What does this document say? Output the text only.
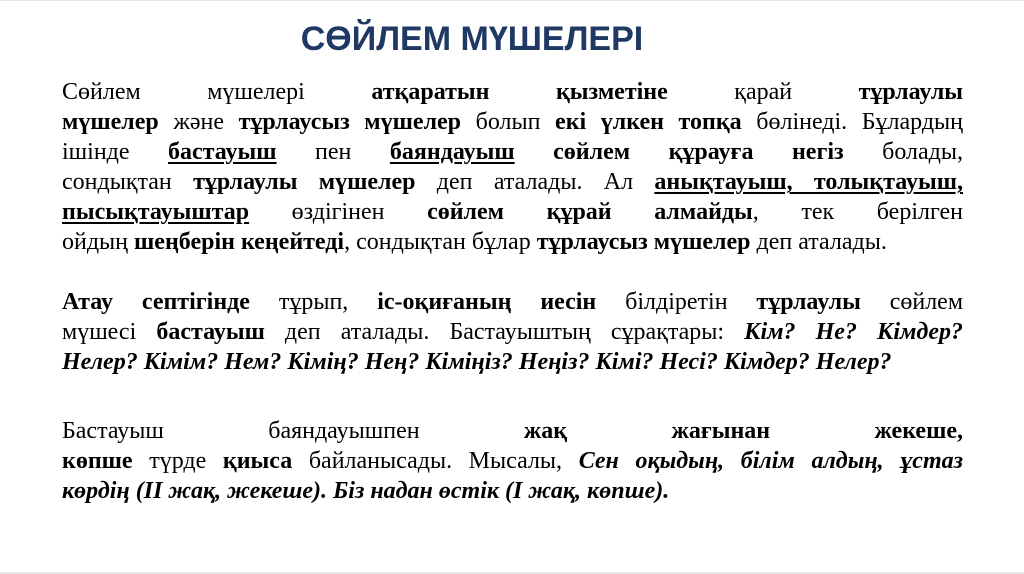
СӨЙЛЕМ МҮШЕЛЕРІ
Сөйлем мүшелері атқаратын қызметіне қарай тұрлаулы
мүшелер және тұрлаусыз мүшелер болып екі үлкен топқа бөлінеді. Бұлардың
ішінде бастауыш пен баяндауыш сөйлем құрауға негіз болады,
сондықтан тұрлаулы мүшелер деп аталады. Ал анықтауыш, толықтауыш,
пысықтауыштар өздігінен сөйлем құрай алмайды, тек берілген
ойдың шеңберін кеңейтеді, сондықтан бұлар тұрлаусыз мүшелер деп аталады.
Атау септігінде тұрып, іс-оқиғаның иесін білдіретін тұрлаулы сөйлем
мүшесі бастауыш деп аталады. Бастауыштың сұрақтары: Кім? Не? Кімдер?
Нелер? Кімім? Нем? Кімің? Нең? Кіміңіз? Неңіз? Кімі? Несі? Кімдер? Нелер?
Бастауыш баяндауышпен жақ жағынан жекеше,
көпше түрде қиыса байланысады. Мысалы, Сен оқыдың, білім алдың, ұстаз
көрдің (ІІ жақ, жекеше). Біз надан өстік (І жақ, көпше).
